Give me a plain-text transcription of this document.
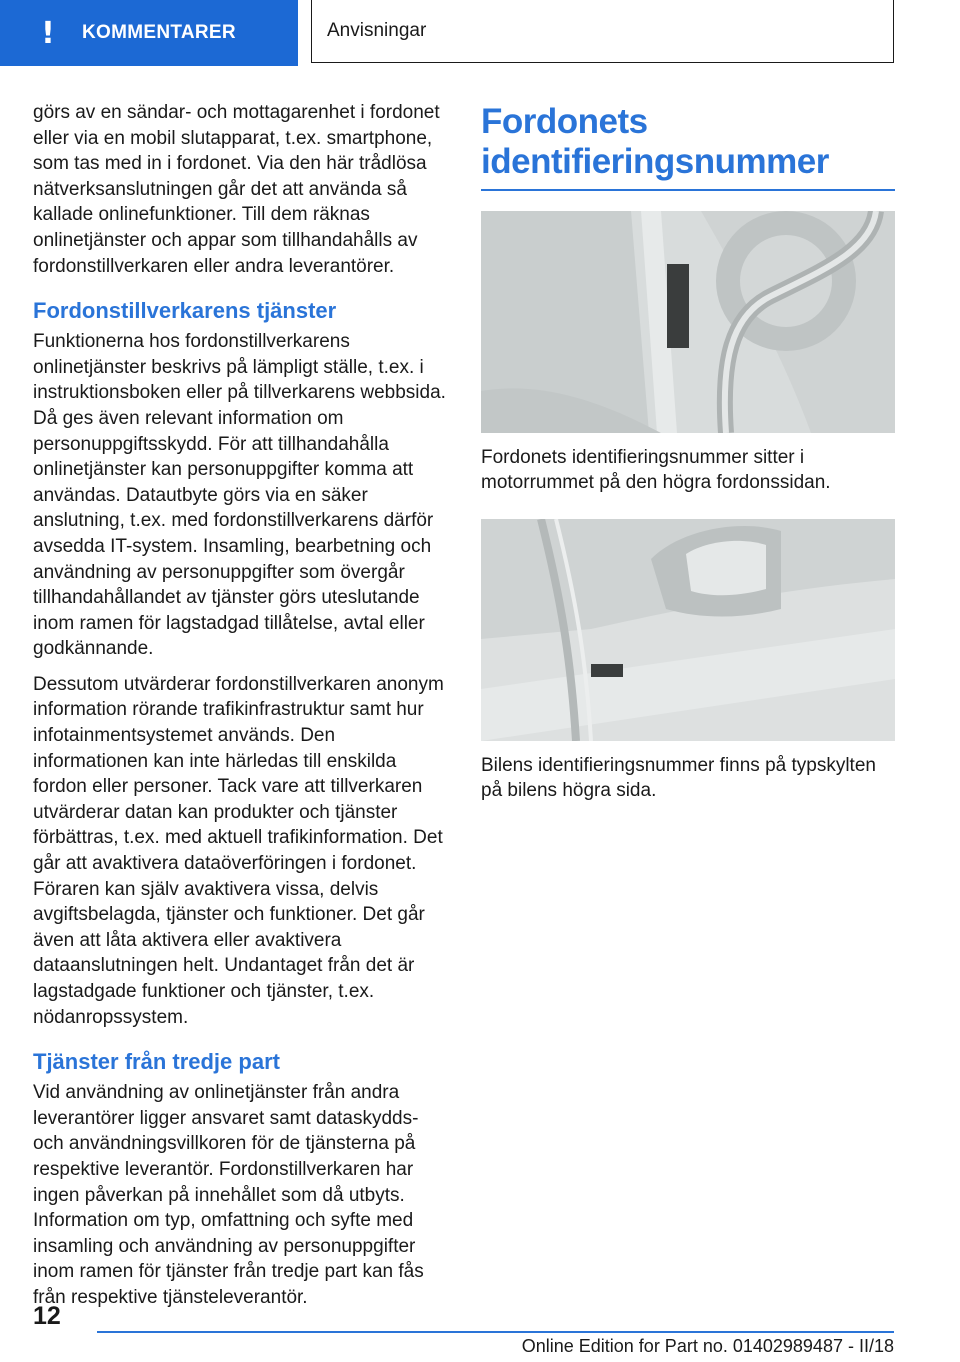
! KOMMENTARER	Anvisningar

görs av en sändar- och mottagarenhet i fordonet eller via en mobil slutapparat, t.ex. smartphone, som tas med in i fordonet. Via den här trådlösa nätverksanslutningen går det att använda så kallade onlinefunktioner. Till dem räknas onlinetjänster och appar som tillhandahålls av fordonstillverkaren eller andra leverantörer.

Fordonstillverkarens tjänster

Funktionerna hos fordonstillverkarens onlinetjänster beskrivs på lämpligt ställe, t.ex. i instruktionsboken eller på tillverkarens webbsida. Då ges även relevant information om personuppgiftsskydd. För att tillhandahålla onlinetjänster kan personuppgifter komma att användas. Datautbyte görs via en säker anslutning, t.ex. med fordonstillverkarens därför avsedda IT-system. Insamling, bearbetning och användning av personuppgifter som övergår tillhandahållandet av tjänster görs uteslutande inom ramen för lagstadgad tillåtelse, avtal eller godkännande.

Dessutom utvärderar fordonstillverkaren anonym information rörande trafikinfrastruktur samt hur infotainmentsystemet används. Den informationen kan inte härledas till enskilda fordon eller personer. Tack vare att tillverkaren utvärderar datan kan produkter och tjänster förbättras, t.ex. med aktuell trafikinformation. Det går att avaktivera dataöverföringen i fordonet. Föraren kan själv avaktivera vissa, delvis avgiftsbelagda, tjänster och funktioner. Det går även att låta aktivera eller avaktivera dataanslutningen helt. Undantaget från det är lagstadgade funktioner och tjänster, t.ex. nödanropssystem.

Tjänster från tredje part

Vid användning av onlinetjänster från andra leverantörer ligger ansvaret samt dataskydds- och användningsvillkoren för de tjänsterna på respektive leverantör. Fordonstillverkaren har ingen påverkan på innehållet som då utbyts. Information om typ, omfattning och syfte med insamling och användning av personuppgifter inom ramen för tjänster från tredje part kan fås från respektive tjänsteleverantör.

Fordonets identifieringsnummer

Fordonets identifieringsnummer sitter i motorrummet på den högra fordonssidan.

Bilens identifieringsnummer finns på typskylten på bilens högra sida.

12
Online Edition for Part no. 01402989487 - II/18
